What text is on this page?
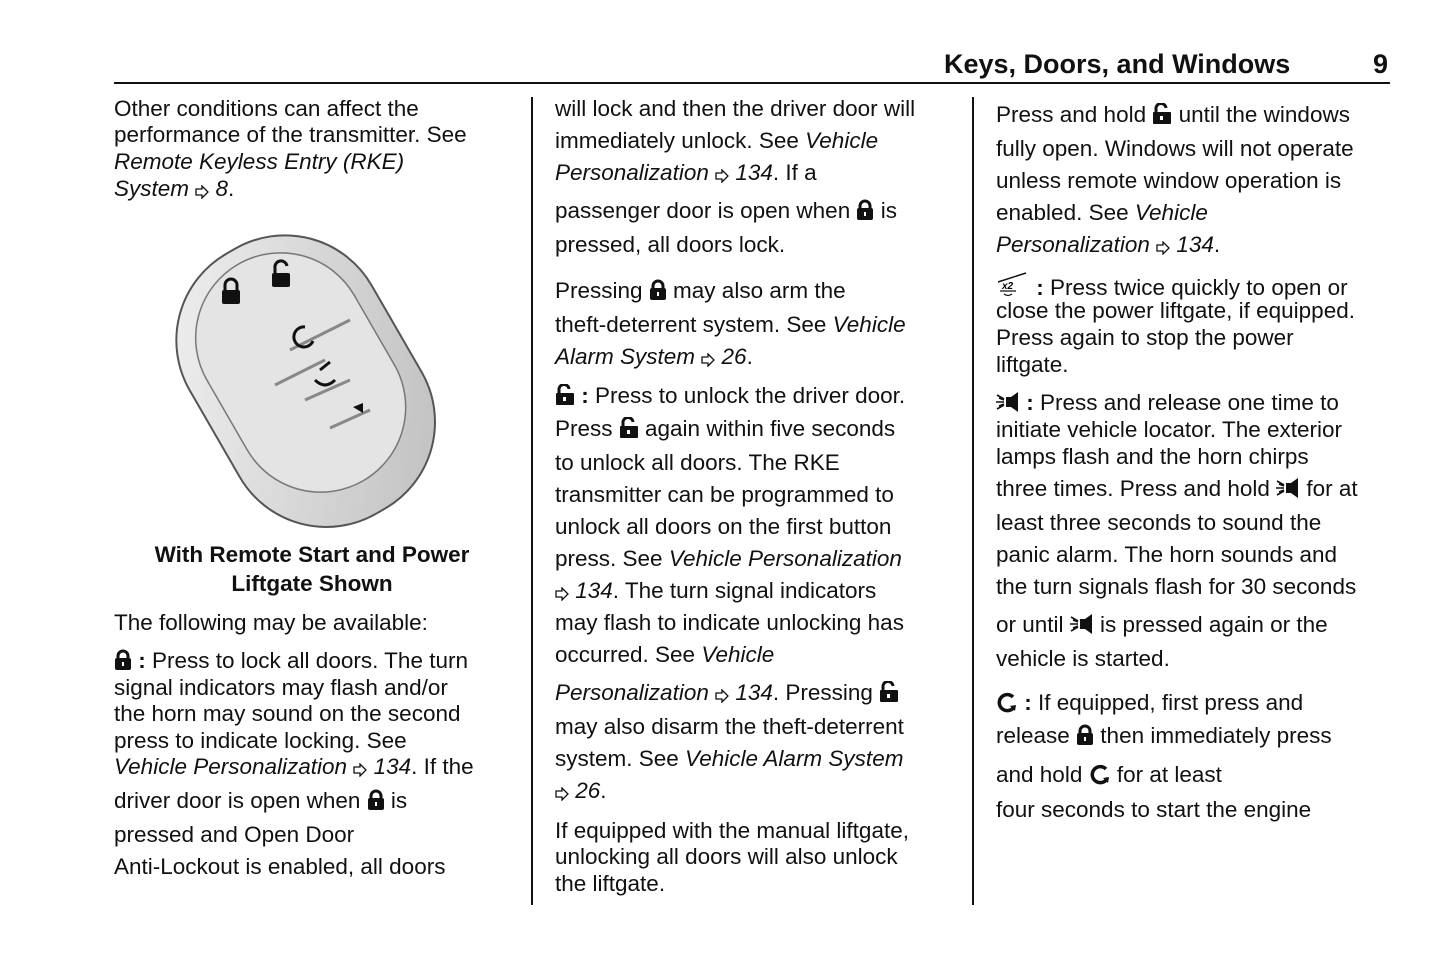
Keys, Doors, and Windows	9
With Remote Start and Power
Liftgate Shown
Other conditions can affect the
performance of the transmitter. See
Remote Keyless Entry (RKE)
System  8.
The following may be available:
: Press to lock all doors. The turn
signal indicators may flash and/or
the horn may sound on the second
press to indicate locking. See
Vehicle Personalization  134. If the
driver door is open when  is
pressed and Open Door
Anti-Lockout is enabled, all doors
will lock and then the driver door will
immediately unlock. See Vehicle
Personalization  134. If a
passenger door is open when  is
pressed, all doors lock.
Pressing  may also arm the
theft-deterrent system. See Vehicle
Alarm System  26.
: Press to unlock the driver door.
Press  again within five seconds
to unlock all doors. The RKE
transmitter can be programmed to
unlock all doors on the first button
press. See Vehicle Personalization
134. The turn signal indicators
may flash to indicate unlocking has
occurred. See Vehicle
Personalization  134. Pressing
may also disarm the theft-deterrent
system. See Vehicle Alarm System
26.
If equipped with the manual liftgate,
unlocking all doors will also unlock
the liftgate.
Press and hold  until the windows
fully open. Windows will not operate
unless remote window operation is
enabled. See Vehicle
Personalization  134.
x2 : Press twice quickly to open or
close the power liftgate, if equipped.
Press again to stop the power
liftgate.
: Press and release one time to
initiate vehicle locator. The exterior
lamps flash and the horn chirps
three times. Press and hold  for at
least three seconds to sound the
panic alarm. The horn sounds and
the turn signals flash for 30 seconds
or until  is pressed again or the
vehicle is started.
: If equipped, first press and
release  then immediately press
and hold  for at least
four seconds to start the engine
